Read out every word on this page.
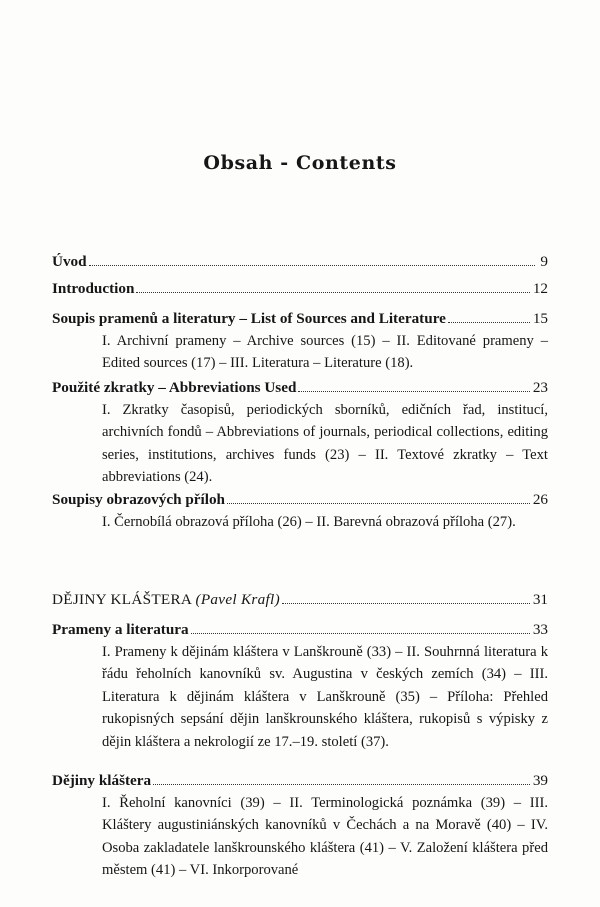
Obsah - Contents
Úvod	9
Introduction	12
Soupis pramenů a literatury – List of Sources and Literature	15
I. Archivní prameny – Archive sources (15) – II. Editované prameny – Edited sources (17) – III. Literatura – Literature (18).
Použité zkratky – Abbreviations Used	23
I. Zkratky časopisů, periodických sborníků, edičních řad, institucí, archivních fondů – Abbreviations of journals, periodical collections, editing series, institutions, archives funds (23) – II. Textové zkratky – Text abbreviations (24).
Soupisy obrazových příloh	26
I. Černobílá obrazová příloha (26) – II. Barevná obrazová příloha (27).
DĚJINY KLÁŠTERA (Pavel Krafl)	31
Prameny a literatura	33
I. Prameny k dějinám kláštera v Lanškrouně (33) – II. Souhrnná literatura k řádu řeholních kanovníků sv. Augustina v českých zemích (34) – III. Literatura k dějinám kláštera v Lanškrouně (35) – Příloha: Přehled rukopisných sepsání dějin lanškrounského kláštera, rukopisů s výpisky z dějin kláštera a nekrologií ze 17.–19. století (37).
Dějiny kláštera	39
I. Řeholní kanovníci (39) – II. Terminologická poznámka (39) – III. Kláštery augustiniánských kanovníků v Čechách a na Moravě (40) – IV. Osoba zakladatele lanškrounského kláštera (41) – V. Založení kláštera před městem (41) – VI. Inkorporované
